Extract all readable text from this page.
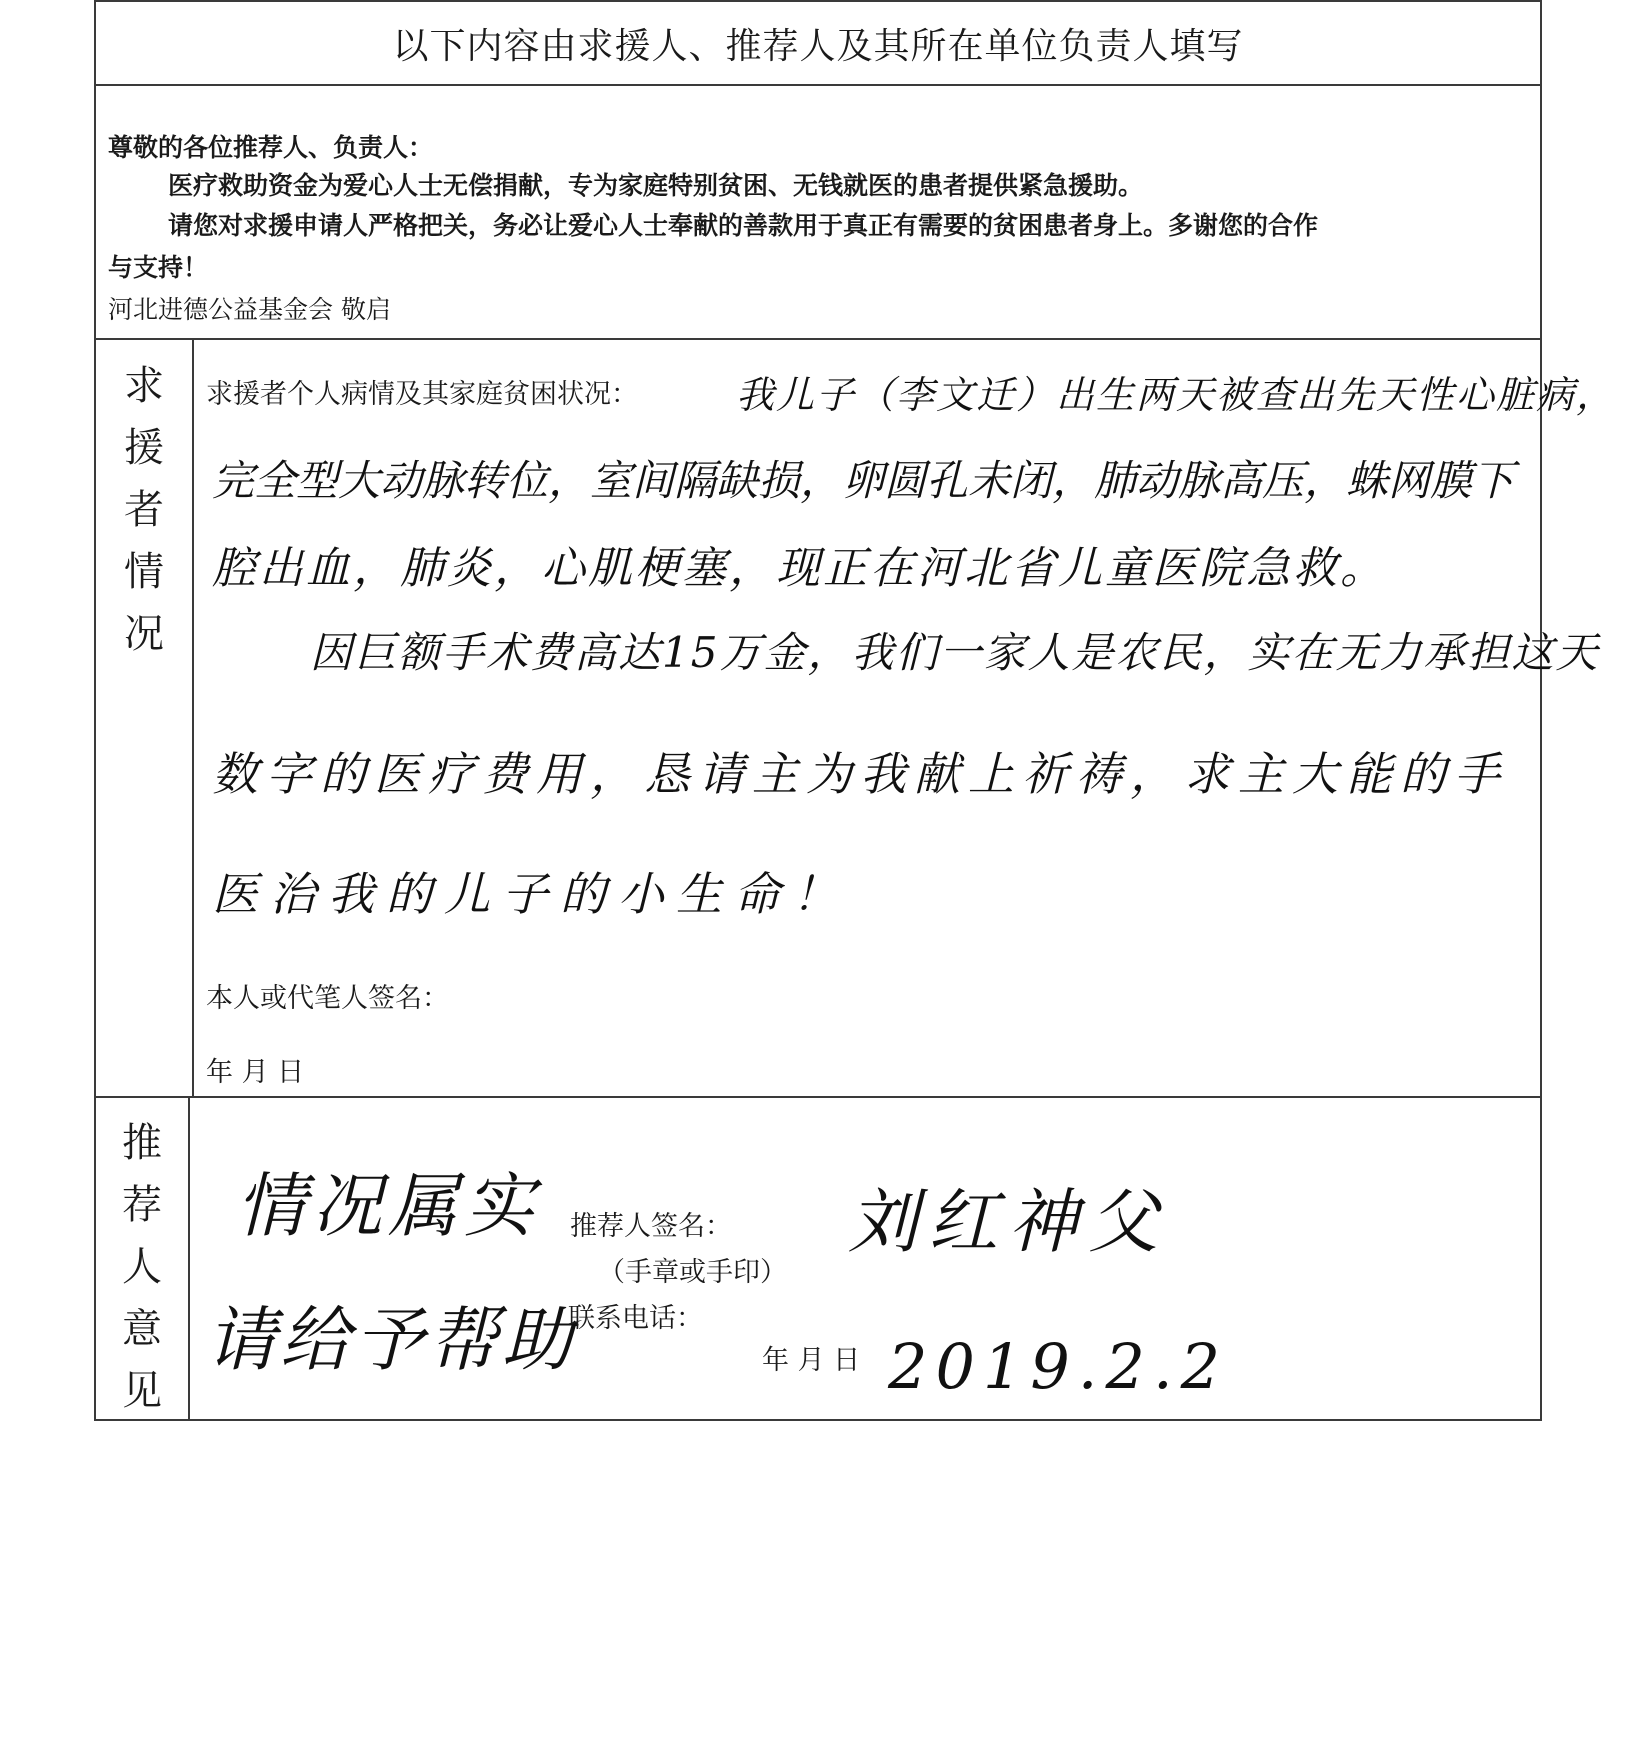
以下内容由求援人、推荐人及其所在单位负责人填写
尊敬的各位推荐人、负责人：
医疗救助资金为爱心人士无偿捐献，专为家庭特别贫困、无钱就医的患者提供紧急援助。
请您对求援申请人严格把关，务必让爱心人士奉献的善款用于真正有需要的贫困患者身上。多谢您的合作
与支持！
河北进德公益基金会 敬启
求
援
者
情
况
求援者个人病情及其家庭贫困状况：	我儿子（李文迁）出生两天被查出先天性心脏病，
完全型大动脉转位，室间隔缺损，卵圆孔未闭，肺动脉高压，蛛网膜下
腔出血，肺炎，心肌梗塞，现正在河北省儿童医院急救。
因巨额手术费高达15万金，我们一家人是农民，实在无力承担这天
数字的医疗费用，恳请主为我献上祈祷，求主大能的手
医治我的儿子的小生命！
本人或代笔人签名：
年 月 日
推
荐
人
意
见
情况属实
请给予帮助
推荐人签名：
（手章或手印）
联系电话：
年 月 日
刘红神父
2019.2.2
